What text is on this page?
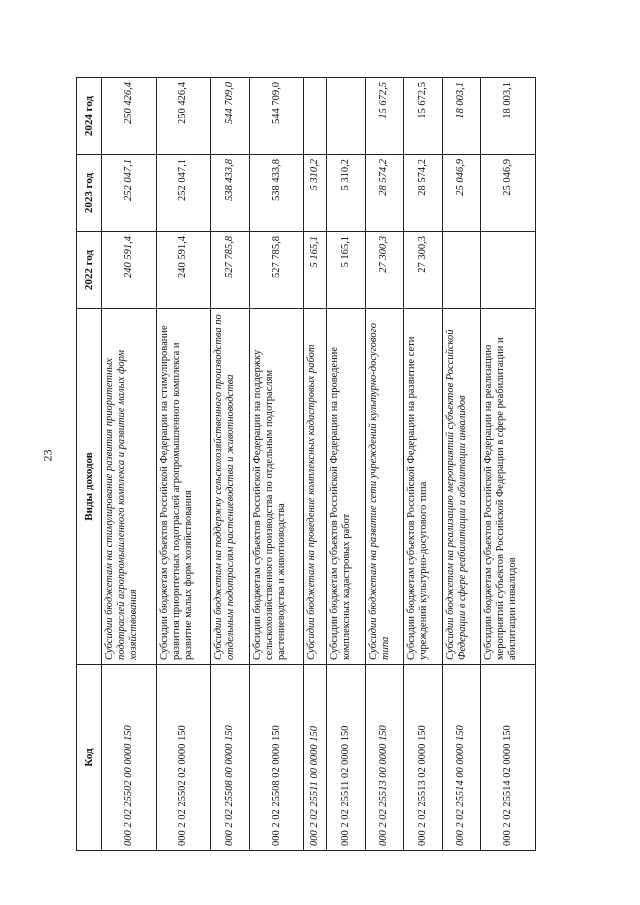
23
Код	Виды доходов	2022 год	2023 год	2024 год
000 2 02 25502 00 0000 150	Субсидии бюджетам на стимулирование развития приоритетных подотраслей агропромышленного комплекса и развитие малых форм хозяйствования	240 591,4	252 047,1	250 426,4
000 2 02 25502 02 0000 150	Субсидии бюджетам субъектов Российской Федерации на стимулирование развития приоритетных подотраслей агропромышленного комплекса и развитие малых форм хозяйствования	240 591,4	252 047,1	250 426,4
000 2 02 25508 00 0000 150	Субсидии бюджетам на поддержку сельскохозяйственного производства по отдельным подотраслям растениеводства и животноводства	527 785,8	538 433,8	544 709,0
000 2 02 25508 02 0000 150	Субсидии бюджетам субъектов Российской Федерации на поддержку сельскохозяйственного производства по отдельным подотраслям растениеводства и животноводства	527 785,8	538 433,8	544 709,0
000 2 02 25511 00 0000 150	Субсидии бюджетам на проведение комплексных кадастровых работ	5 165,1	5 310,2	
000 2 02 25511 02 0000 150	Субсидии бюджетам субъектов Российской Федерации на проведение комплексных кадастровых работ	5 165,1	5 310,2	
000 2 02 25513 00 0000 150	Субсидии бюджетам на развитие сети учреждений культурно-досугового типа	27 300,3	28 574,2	15 672,5
000 2 02 25513 02 0000 150	Субсидии бюджетам субъектов Российской Федерации на развитие сети учреждений культурно-досугового типа	27 300,3	28 574,2	15 672,5
000 2 02 25514 00 0000 150	Субсидии бюджетам на реализацию мероприятий субъектов Российской Федерации в сфере реабилитации и абилитации инвалидов		25 046,9	18 003,1
000 2 02 25514 02 0000 150	Субсидии бюджетам субъектов Российской Федерации на реализацию мероприятий субъектов Российской Федерации в сфере реабилитации и абилитации инвалидов		25 046,9	18 003,1
